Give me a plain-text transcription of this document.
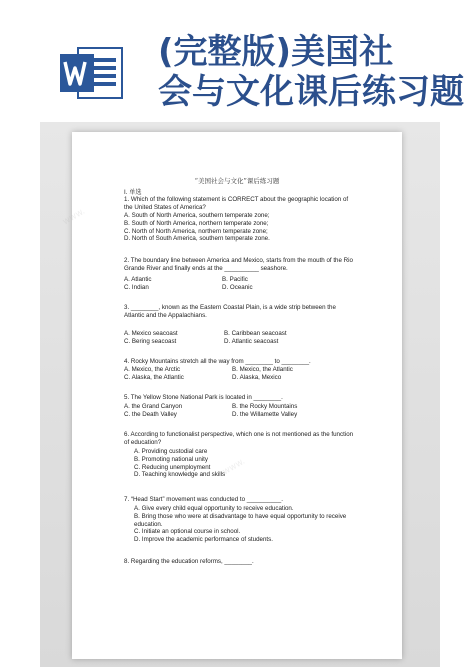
(完整版)美国社
会与文化课后练习题
www.
www.
“美国社会与文化”课后练习题
I. 单选
1. Which of the following statement is CORRECT about the geographic location of
the United States of America?
A. South of North America, southern temperate zone;
B. South of North America, northern temperate zone;
C. North of North America, northern temperate zone;
D. North of South America, southern temperate zone.
2. The boundary line between America and Mexico, starts from the mouth of the Rio
Grande River and finally ends at the __________ seashore.
A. Atlantic
C. Indian
B. Pacific
D. Oceanic
3. ________, known as the Eastern Coastal Plain, is a wide strip between the
Atlantic and the Appalachians.
A. Mexico seacoast
C. Bering seacoast
B. Caribbean seacoast
D. Atlantic seacoast
4. Rocky Mountains stretch all the way from ________ to ________.
A. Mexico, the Arctic
C. Alaska, the Atlantic
B. Mexico, the Atlantic
D. Alaska, Mexico
5. The Yellow Stone National Park is located in ________.
A. the Grand Canyon
C. the Death Valley
B. the Rocky Mountains
D. the Willamette Valley
6. According to functionalist perspective, which one is not mentioned as the function
of education?
A. Providing custodial care
B. Promoting national unity
C. Reducing unemployment
D. Teaching knowledge and skills
7. “Head Start” movement was conducted to __________.
A. Give every child equal opportunity to receive education.
B. Bring those who were at disadvantage to have equal opportunity to receive
education.
C. Initiate an optional course in school.
D. Improve the academic performance of students.
8. Regarding the education reforms, ________.
